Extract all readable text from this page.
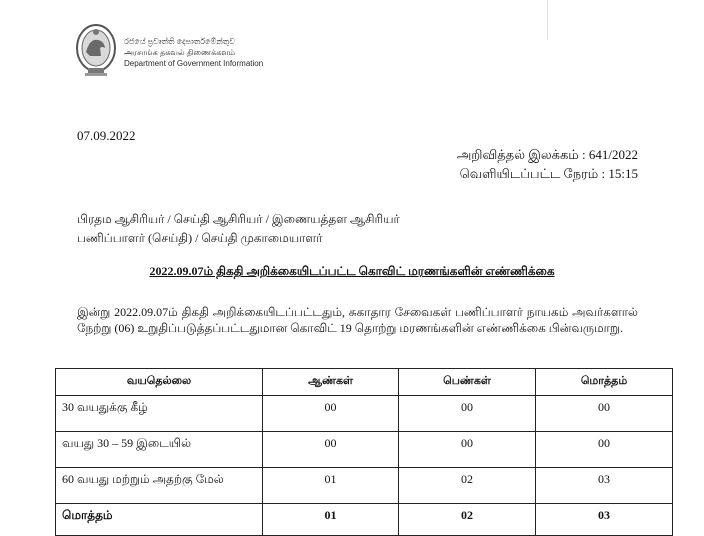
රජයේ ප්‍රවෘත්ති දෙපාර්තමේන්තුව
அரசாங்க தகவல் திணைக்களம்
Department of Government Information
07.09.2022
அறிவித்தல் இலக்கம் : 641/2022
வெளியிடப்பட்ட நேரம் : 15:15
பிரதம ஆசிரியர் / செய்தி ஆசிரியர் / இணையத்தள ஆசிரியர்
பணிப்பாளர் (செய்தி) / செய்தி முகாமையாளர்
2022.09.07ம் திகதி அறிக்கையிடப்பட்ட கொவிட் மரணங்களின் எண்ணிக்கை
இன்று 2022.09.07ம் திகதி அறிக்கையிடப்பட்டதும், சுகாதார சேவைகள் பணிப்பாளர் நாயகம் அவர்களால் நேற்று (06) உறுதிப்படுத்தப்பட்டதுமான கொவிட் 19 தொற்று மரணங்களின் எண்ணிக்கை பின்வருமாறு.
வயதெல்லை	ஆண்கள்	பெண்கள்	மொத்தம்
30 வயதுக்கு கீழ்	00	00	00
வயது 30 – 59 இடையில்	00	00	00
60 வயது மற்றும் அதற்கு மேல்	01	02	03
மொத்தம்	01	02	03
